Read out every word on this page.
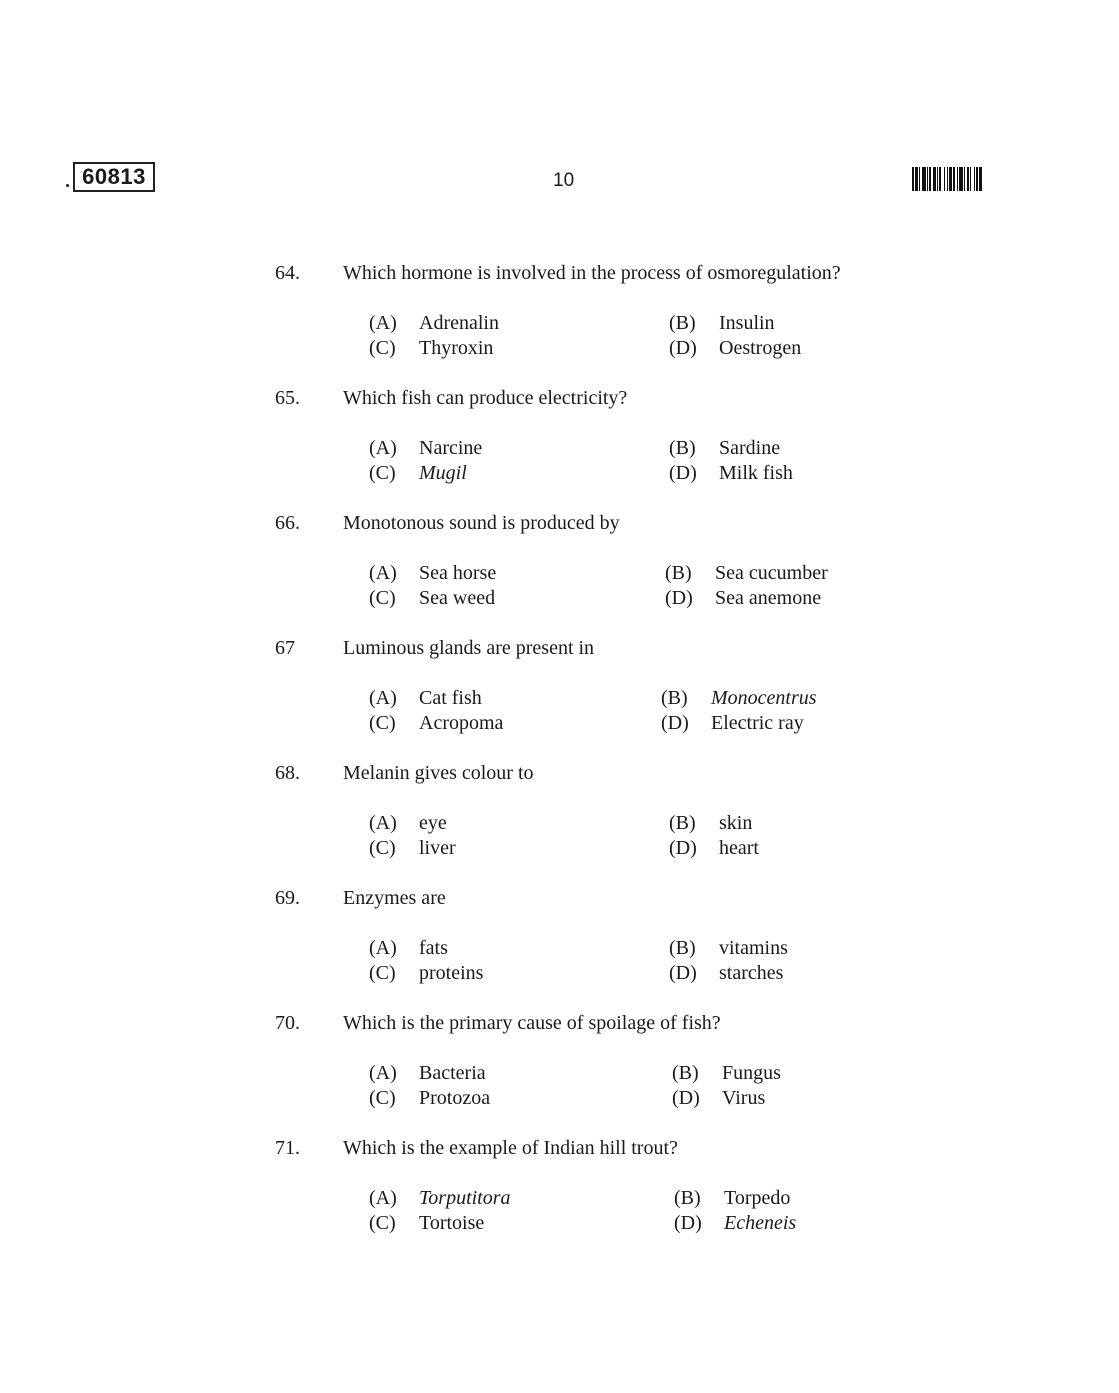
60813	10
64. Which hormone is involved in the process of osmoregulation?
(A)	Adrenalin	(B)	Insulin
(C)	Thyroxin	(D)	Oestrogen
65. Which fish can produce electricity?
(A)	Narcine	(B)	Sardine
(C)	Mugil	(D)	Milk fish
66. Monotonous sound is produced by
(A)	Sea horse	(B)	Sea cucumber
(C)	Sea weed	(D)	Sea anemone
67 Luminous glands are present in
(A)	Cat fish	(B)	Monocentrus
(C)	Acropoma	(D)	Electric ray
68. Melanin gives colour to
(A)	eye	(B)	skin
(C)	liver	(D)	heart
69. Enzymes are
(A)	fats	(B)	vitamins
(C)	proteins	(D)	starches
70. Which is the primary cause of spoilage of fish?
(A)	Bacteria	(B)	Fungus
(C)	Protozoa	(D)	Virus
71. Which is the example of Indian hill trout?
(A)	Torputitora	(B)	Torpedo
(C)	Tortoise	(D)	Echeneis
